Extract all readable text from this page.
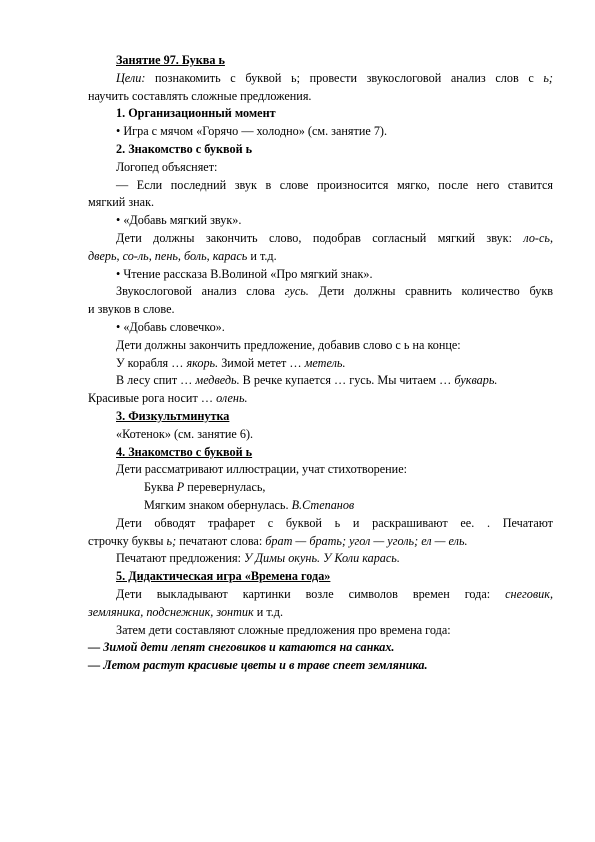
Занятие 97. Буква ь

Цели: познакомить с буквой ь; провести звукослоговой анализ слов с ь;

научить составлять сложные предложения.

1. Организационный момент

• Игра с мячом «Горячо — холодно» (см. занятие 7).

2. Знакомство с буквой ь

Логопед объясняет:

— Если последний звук в слове произносится мягко, после него ставится

мягкий знак.

• «Добавь мягкий звук».

Дети должны закончить слово, подобрав согласный мягкий звук: ло-сь,

дверь, со-ль, пень, боль, карась и т.д.

• Чтение рассказа В.Волиной «Про мягкий знак».

Звукослоговой анализ слова гусь. Дети должны сравнить количество букв

и звуков в слове.

• «Добавь словечко».

Дети должны закончить предложение, добавив слово с ь на конце:

У корабля … якорь. Зимой метет … метель.

В лесу спит … медведь. В речке купается … гусь. Мы читаем … букварь.

Красивые рога носит … олень.

3. Физкультминутка

«Котенок» (см. занятие 6).

4. Знакомство с буквой ь

Дети рассматривают иллюстрации, учат стихотворение:

Буква Р перевернулась,

Мягким знаком обернулась. В.Степанов

Дети обводят трафарет с буквой ь и раскрашивают ее. . Печатают

строчку буквы ь; печатают слова: брат — брать; угол — уголь; ел — ель.

Печатают предложения: У Димы окунь. У Коли карась.

5. Дидактическая игра «Времена года»

Дети выкладывают картинки возле символов времен года: снеговик,

земляника, подснежник, зонтик и т.д.

Затем дети составляют сложные предложения про времена года:

— Зимой дети лепят снеговиков и катаются на санках.

— Летом растут красивые цветы и в траве спеет земляника.
